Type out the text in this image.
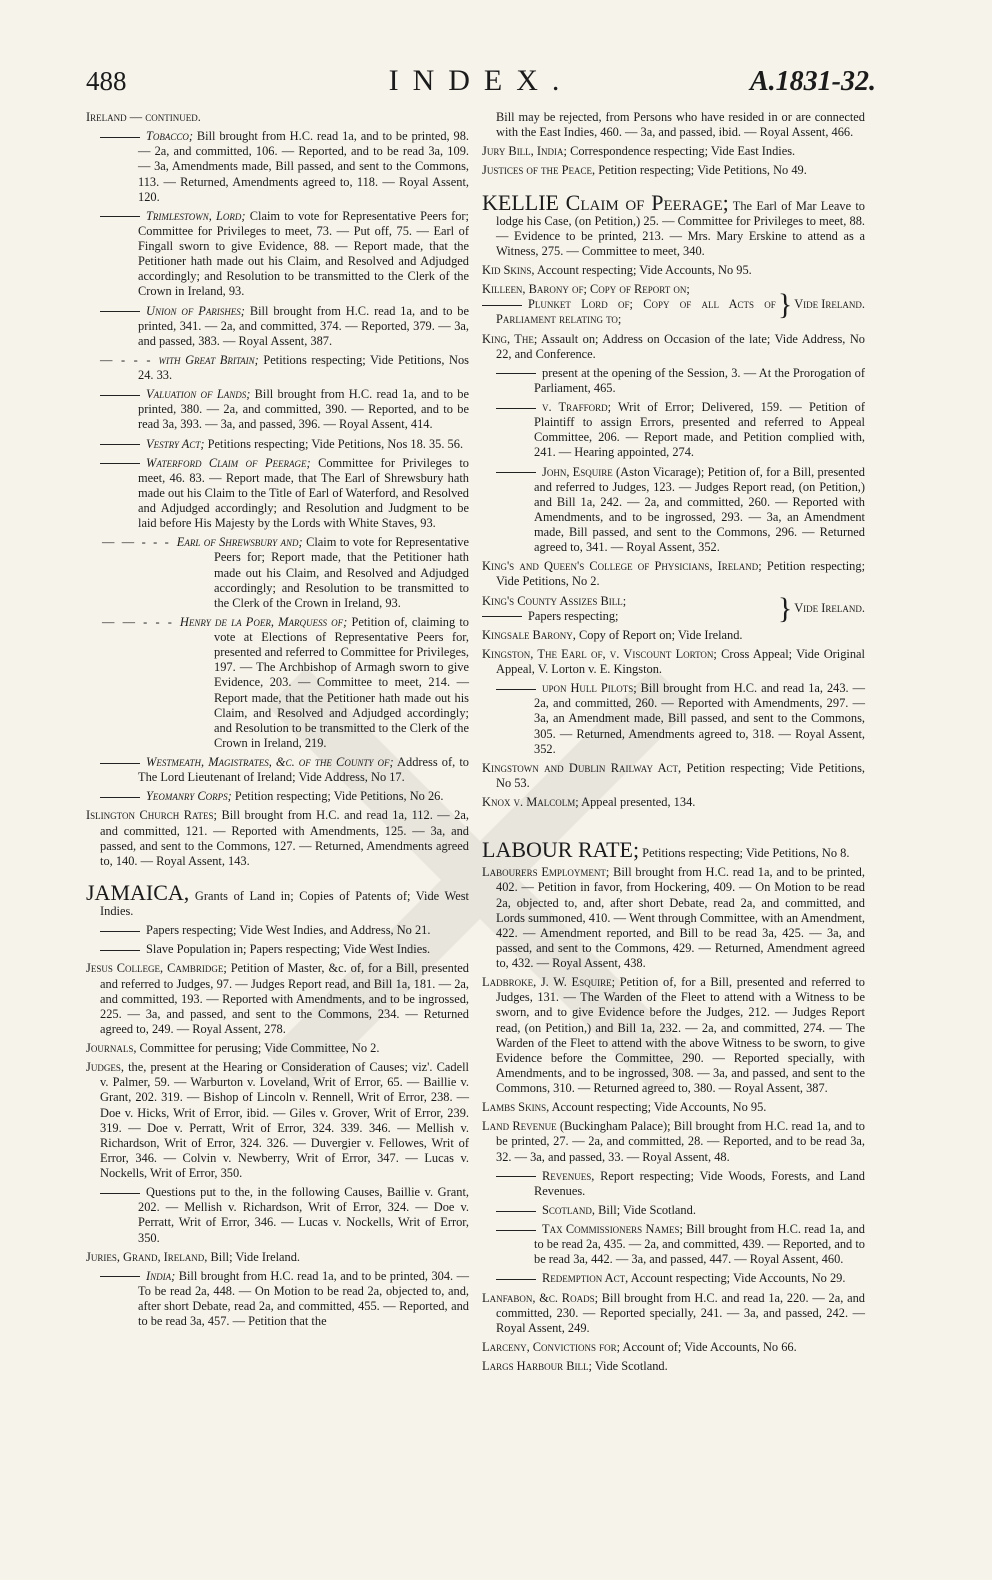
488	INDEX.	A.1831-32.

Ireland — continued.

Tobacco; Bill brought from H.C. read 1a, and to be printed, 98. — 2a, and committed, 106. — Reported, and to be read 3a, 109. — 3a, Amendments made, Bill passed, and sent to the Commons, 113. — Returned, Amendments agreed to, 118. — Royal Assent, 120.

Trimlestown, Lord; Claim to vote for Representative Peers for; Committee for Privileges to meet, 73. — Put off, 75. — Earl of Fingall sworn to give Evidence, 88. — Report made, that the Petitioner hath made out his Claim, and Resolved and Adjudged accordingly; and Resolution to be transmitted to the Clerk of the Crown in Ireland, 93.

Union of Parishes; Bill brought from H.C. read 1a, and to be printed, 341. — 2a, and committed, 374. — Reported, 379. — 3a, and passed, 383. — Royal Assent, 387.

— - - - with Great Britain; Petitions respecting; Vide Petitions, Nos 24. 33.

Valuation of Lands; Bill brought from H.C. read 1a, and to be printed, 380. — 2a, and committed, 390. — Reported, and to be read 3a, 393. — 3a, and passed, 396. — Royal Assent, 414.

Vestry Act; Petitions respecting; Vide Petitions, Nos 18. 35. 56.

Waterford Claim of Peerage; Committee for Privileges to meet, 46. 83. — Report made, that The Earl of Shrewsbury hath made out his Claim to the Title of Earl of Waterford, and Resolved and Adjudged accordingly; and Resolution and Judgment to be laid before His Majesty by the Lords with White Staves, 93.

— — - Earl of Shrewsbury and; Claim to vote for Representative Peers for; Report made, that the Petitioner hath made out his Claim, and Resolved and Adjudged accordingly; and Resolution to be transmitted to the Clerk of the Crown in Ireland, 93.

— — - Henry de la Poer, Marquess of; Petition of, claiming to vote at Elections of Representative Peers for, presented and referred to Committee for Privileges, 197. — The Archbishop of Armagh sworn to give Evidence, 203. — Committee to meet, 214. — Report made, that the Petitioner hath made out his Claim, and Resolved and Adjudged accordingly; and Resolution to be transmitted to the Clerk of the Crown in Ireland, 219.

Westmeath, Magistrates, &c. of the County of; Address of, to The Lord Lieutenant of Ireland; Vide Address, No 17.

Yeomanry Corps; Petition respecting; Vide Petitions, No 26.

Islington Church Rates; Bill brought from H.C. and read 1a, 112. — 2a, and committed, 121. — Reported with Amendments, 125. — 3a, and passed, and sent to the Commons, 127. — Returned, Amendments agreed to, 140. — Royal Assent, 143.

JAMAICA, Grants of Land in; Copies of Patents of; Vide West Indies.

Papers respecting; Vide West Indies, and Address, No 21.

Slave Population in; Papers respecting; Vide West Indies.

Jesus College, Cambridge; Petition of Master, &c. of, for a Bill, presented and referred to Judges, 97. — Judges Report read, and Bill 1a, 181. — 2a, and committed, 193. — Reported with Amendments, and to be ingrossed, 225. — 3a, and passed, and sent to the Commons, 234. — Returned agreed to, 249. — Royal Assent, 278.

Journals, Committee for perusing; Vide Committee, No 2.

Judges, the, present at the Hearing or Consideration of Causes; viz'. Cadell v. Palmer, 59. — Warburton v. Loveland, Writ of Error, 65. — Baillie v. Grant, 202. 319. — Bishop of Lincoln v. Rennell, Writ of Error, 238. — Doe v. Hicks, Writ of Error, ibid. — Giles v. Grover, Writ of Error, 239. 319. — Doe v. Perratt, Writ of Error, 324. 339. 346. — Mellish v. Richardson, Writ of Error, 324. 326. — Duvergier v. Fellowes, Writ of Error, 346. — Colvin v. Newberry, Writ of Error, 347. — Lucas v. Nockells, Writ of Error, 350.

Questions put to the, in the following Causes, Baillie v. Grant, 202. — Mellish v. Richardson, Writ of Error, 324. — Doe v. Perratt, Writ of Error, 346. — Lucas v. Nockells, Writ of Error, 350.

Juries, Grand, Ireland, Bill; Vide Ireland.

India; Bill brought from H.C. read 1a, and to be printed, 304. — To be read 2a, 448. — On Motion to be read 2a, objected to, and, after short Debate, read 2a, and committed, 455. — Reported, and to be read 3a, 457. — Petition that the

Bill may be rejected, from Persons who have resided in or are connected with the East Indies, 460. — 3a, and passed, ibid. — Royal Assent, 466.

Jury Bill, India; Correspondence respecting; Vide East Indies.

Justices of the Peace, Petition respecting; Vide Petitions, No 49.

KELLIE Claim of Peerage; The Earl of Mar Leave to lodge his Case, (on Petition,) 25. — Committee for Privileges to meet, 88. — Evidence to be printed, 213. — Mrs. Mary Erskine to attend as a Witness, 275. — Committee to meet, 340.

Kid Skins, Account respecting; Vide Accounts, No 95.

Killeen, Barony of; Copy of Report on;
Plunket Lord of; Copy of all Acts of Parliament relating to;	} Vide Ireland.

King, The; Assault on; Address on Occasion of the late; Vide Address, No 22, and Conference.

present at the opening of the Session, 3. — At the Prorogation of Parliament, 465.

v. Trafford; Writ of Error; Delivered, 159. — Petition of Plaintiff to assign Errors, presented and referred to Appeal Committee, 206. — Report made, and Petition complied with, 241. — Hearing appointed, 274.

John, Esquire (Aston Vicarage); Petition of, for a Bill, presented and referred to Judges, 123. — Judges Report read, (on Petition,) and Bill 1a, 242. — 2a, and committed, 260. — Reported with Amendments, and to be ingrossed, 293. — 3a, an Amendment made, Bill passed, and sent to the Commons, 296. — Returned agreed to, 341. — Royal Assent, 352.

King's and Queen's College of Physicians, Ireland; Petition respecting; Vide Petitions, No 2.

King's County Assizes Bill;
Papers respecting;	} Vide Ireland.

Kingsale Barony, Copy of Report on; Vide Ireland.

Kingston, The Earl of, v. Viscount Lorton; Cross Appeal; Vide Original Appeal, V. Lorton v. E. Kingston.

upon Hull Pilots; Bill brought from H.C. and read 1a, 243. — 2a, and committed, 260. — Reported with Amendments, 297. — 3a, an Amendment made, Bill passed, and sent to the Commons, 305. — Returned, Amendments agreed to, 318. — Royal Assent, 352.

Kingstown and Dublin Railway Act, Petition respecting; Vide Petitions, No 53.

Knox v. Malcolm; Appeal presented, 134.

LABOUR RATE; Petitions respecting; Vide Petitions, No 8.

Labourers Employment; Bill brought from H.C. read 1a, and to be printed, 402. — Petition in favor, from Hockering, 409. — On Motion to be read 2a, objected to, and, after short Debate, read 2a, and committed, and Lords summoned, 410. — Went through Committee, with an Amendment, 422. — Amendment reported, and Bill to be read 3a, 425. — 3a, and passed, and sent to the Commons, 429. — Returned, Amendment agreed to, 432. — Royal Assent, 438.

Ladbroke, J. W. Esquire; Petition of, for a Bill, presented and referred to Judges, 131. — The Warden of the Fleet to attend with a Witness to be sworn, and to give Evidence before the Judges, 212. — Judges Report read, (on Petition,) and Bill 1a, 232. — 2a, and committed, 274. — The Warden of the Fleet to attend with the above Witness to be sworn, to give Evidence before the Committee, 290. — Reported specially, with Amendments, and to be ingrossed, 308. — 3a, and passed, and sent to the Commons, 310. — Returned agreed to, 380. — Royal Assent, 387.

Lambs Skins, Account respecting; Vide Accounts, No 95.

Land Revenue (Buckingham Palace); Bill brought from H.C. read 1a, and to be printed, 27. — 2a, and committed, 28. — Reported, and to be read 3a, 32. — 3a, and passed, 33. — Royal Assent, 48.

Revenues, Report respecting; Vide Woods, Forests, and Land Revenues.

Scotland, Bill; Vide Scotland.

Tax Commissioners Names; Bill brought from H.C. read 1a, and to be read 2a, 435. — 2a, and committed, 439. — Reported, and to be read 3a, 442. — 3a, and passed, 447. — Royal Assent, 460.

Redemption Act, Account respecting; Vide Accounts, No 29.

Lanfabon, &c. Roads; Bill brought from H.C. and read 1a, 220. — 2a, and committed, 230. — Reported specially, 241. — 3a, and passed, 242. — Royal Assent, 249.

Larceny, Convictions for; Account of; Vide Accounts, No 66.

Largs Harbour Bill; Vide Scotland.
